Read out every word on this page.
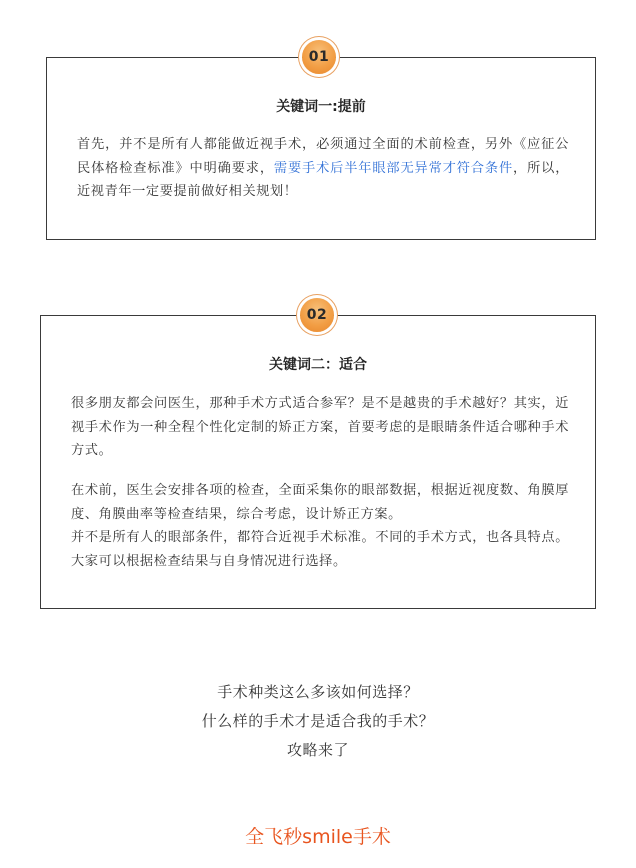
关键词一:提前
首先，并不是所有人都能做近视手术，必须通过全面的术前检查，另外《应征公民体格检查标准》中明确要求，需要手术后半年眼部无异常才符合条件，所以，近视青年一定要提前做好相关规划！
01
关键词二：适合
很多朋友都会问医生，那种手术方式适合参军？是不是越贵的手术越好？其实，近视手术作为一种全程个性化定制的矫正方案，首要考虑的是眼睛条件适合哪种手术方式。
在术前，医生会安排各项的检查，全面采集你的眼部数据，根据近视度数、角膜厚度、角膜曲率等检查结果，综合考虑，设计矫正方案。
并不是所有人的眼部条件，都符合近视手术标准。不同的手术方式，也各具特点。大家可以根据检查结果与自身情况进行选择。
02
手术种类这么多该如何选择？
什么样的手术才是适合我的手术？
攻略来了
全飞秒smile手术
